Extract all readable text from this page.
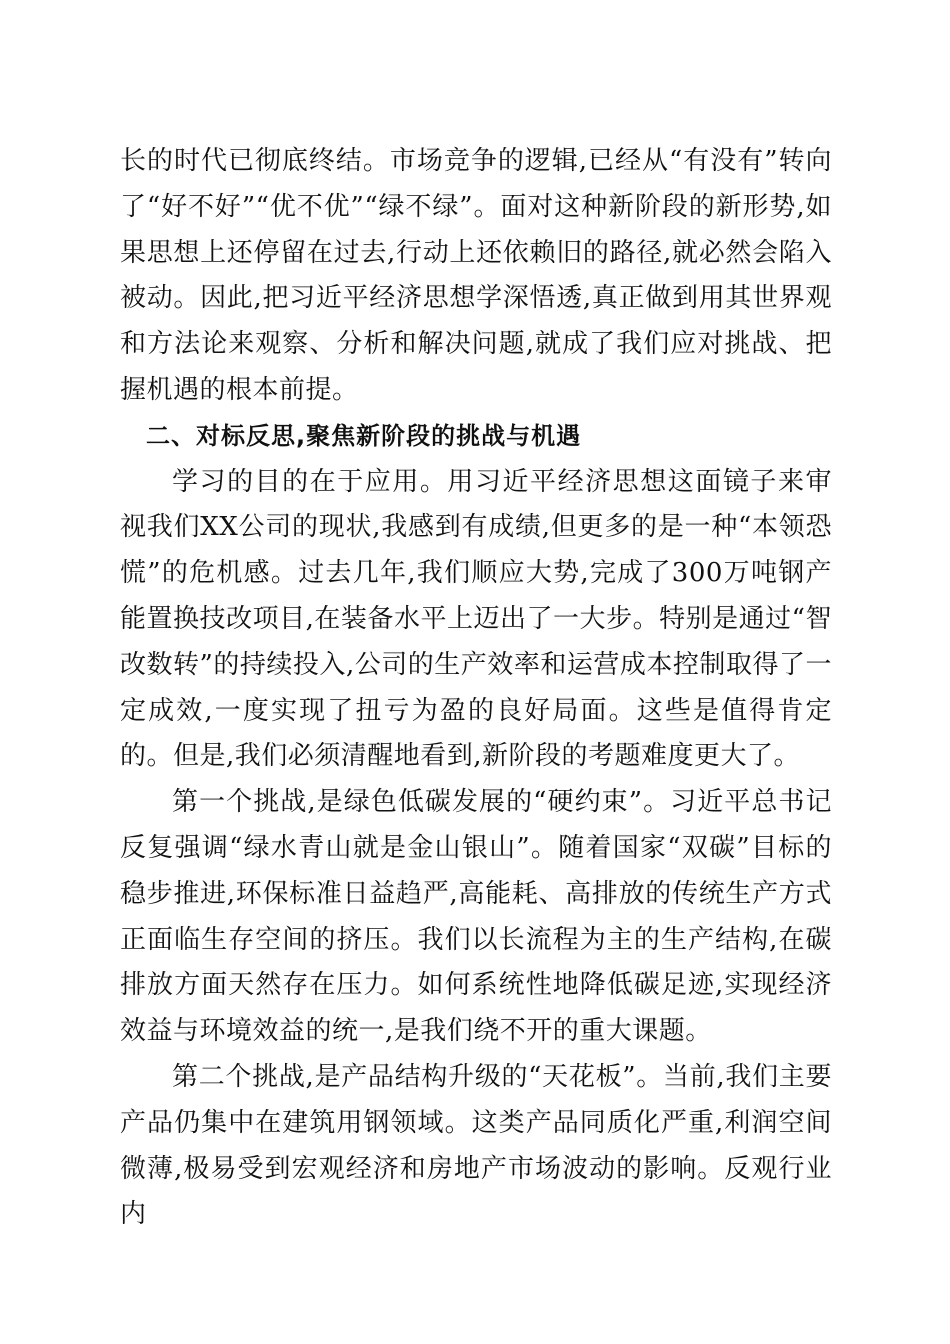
长的时代已彻底终结。市场竞争的逻辑,已经从“有没有”转向了“好不好”“优不优”“绿不绿”。面对这种新阶段的新形势,如果思想上还停留在过去,行动上还依赖旧的路径,就必然会陷入被动。因此,把习近平经济思想学深悟透,真正做到用其世界观和方法论来观察、分析和解决问题,就成了我们应对挑战、把握机遇的根本前提。

二、对标反思,聚焦新阶段的挑战与机遇

学习的目的在于应用。用习近平经济思想这面镜子来审视我们XX公司的现状,我感到有成绩,但更多的是一种“本领恐慌”的危机感。过去几年,我们顺应大势,完成了300万吨钢产能置换技改项目,在装备水平上迈出了一大步。特别是通过“智改数转”的持续投入,公司的生产效率和运营成本控制取得了一定成效,一度实现了扭亏为盈的良好局面。这些是值得肯定的。但是,我们必须清醒地看到,新阶段的考题难度更大了。

第一个挑战,是绿色低碳发展的“硬约束”。习近平总书记反复强调“绿水青山就是金山银山”。随着国家“双碳”目标的稳步推进,环保标准日益趋严,高能耗、高排放的传统生产方式正面临生存空间的挤压。我们以长流程为主的生产结构,在碳排放方面天然存在压力。如何系统性地降低碳足迹,实现经济效益与环境效益的统一,是我们绕不开的重大课题。

第二个挑战,是产品结构升级的“天花板”。当前,我们主要产品仍集中在建筑用钢领域。这类产品同质化严重,利润空间微薄,极易受到宏观经济和房地产市场波动的影响。反观行业内
